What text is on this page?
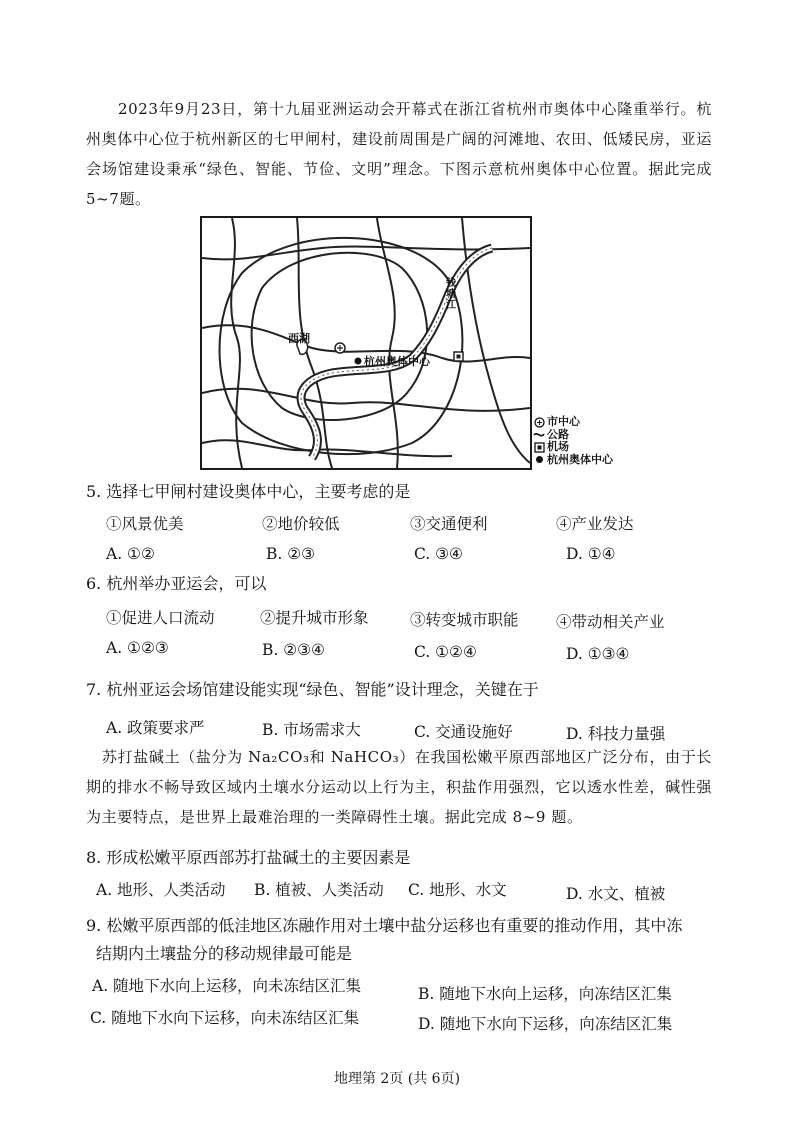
2023年9月23日，第十九届亚洲运动会开幕式在浙江省杭州市奥体中心隆重举行。杭州奥体中心位于杭州新区的七甲闸村，建设前周围是广阔的河滩地、农田、低矮民房，亚运会场馆建设秉承“绿色、智能、节俭、文明”理念。下图示意杭州奥体中心位置。据此完成5~7题。

西湖
杭州奥体中心
钱塘江
市中心
公路
机场
杭州奥体中心

5. 选择七甲闸村建设奥体中心，主要考虑的是

①风景优美	②地价较低	③交通便利	④产业发达

A. ①②	B. ②③	C. ③④	D. ①④

6. 杭州举办亚运会，可以

①促进人口流动	②提升城市形象	③转变城市职能 ④带动相关产业

A. ①②③	B. ②③④	C. ①②④	D. ①③④

7. 杭州亚运会场馆建设能实现“绿色、智能”设计理念，关键在于

A. 政策要求严	B. 市场需求大	C. 交通设施好	D. 科技力量强

苏打盐碱土（盐分为 Na₂CO₃和 NaHCO₃）在我国松嫩平原西部地区广泛分布，由于长期的排水不畅导致区域内土壤水分运动以上行为主，积盐作用强烈，它以透水性差，碱性强为主要特点，是世界上最难治理的一类障碍性土壤。据此完成 8~9 题。

8. 形成松嫩平原西部苏打盐碱土的主要因素是

A. 地形、人类活动 B. 植被、人类活动 C. 地形、水文	D. 水文、植被

9. 松嫩平原西部的低洼地区冻融作用对土壤中盐分运移也有重要的推动作用，其中冻

结期内土壤盐分的移动规律最可能是

A. 随地下水向上运移，向未冻结区汇集	B. 随地下水向上运移，向冻结区汇集

C. 随地下水向下运移，向未冻结区汇集	D. 随地下水向下运移，向冻结区汇集

地理第 2页 (共 6页)
